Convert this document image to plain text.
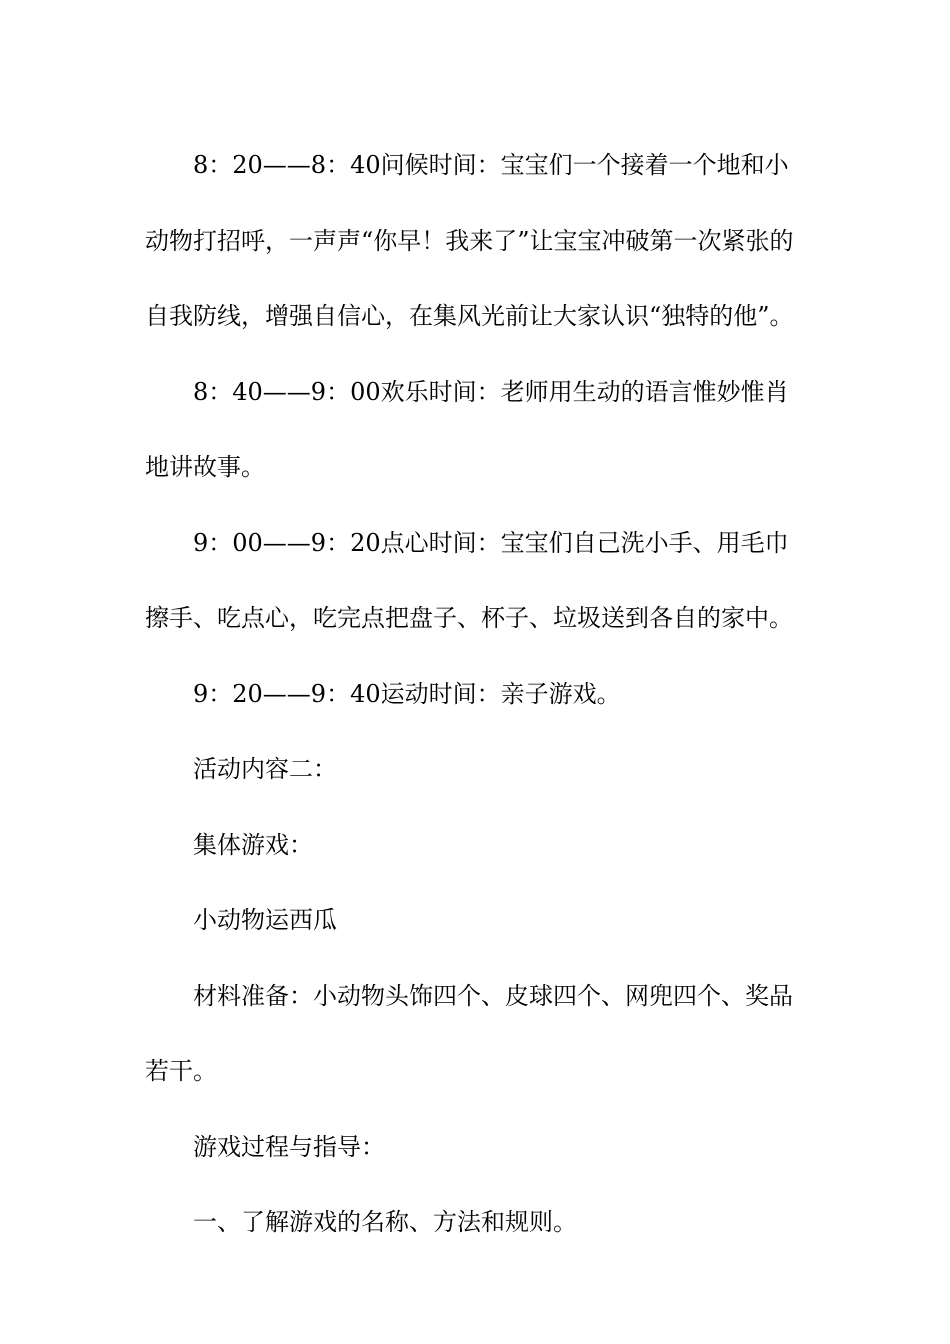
8：20——8：40问候时间：宝宝们一个接着一个地和小动物打招呼，一声声“你早！我来了”让宝宝冲破第一次紧张的自我防线，增强自信心，在集风光前让大家认识“独特的他”。

8：40——9：00欢乐时间：老师用生动的语言惟妙惟肖地讲故事。

9：00——9：20点心时间：宝宝们自己洗小手、用毛巾擦手、吃点心，吃完点把盘子、杯子、垃圾送到各自的家中。

9：20——9：40运动时间：亲子游戏。

活动内容二：

集体游戏：

小动物运西瓜

材料准备：小动物头饰四个、皮球四个、网兜四个、奖品若干。

游戏过程与指导：

一、了解游戏的名称、方法和规则。
